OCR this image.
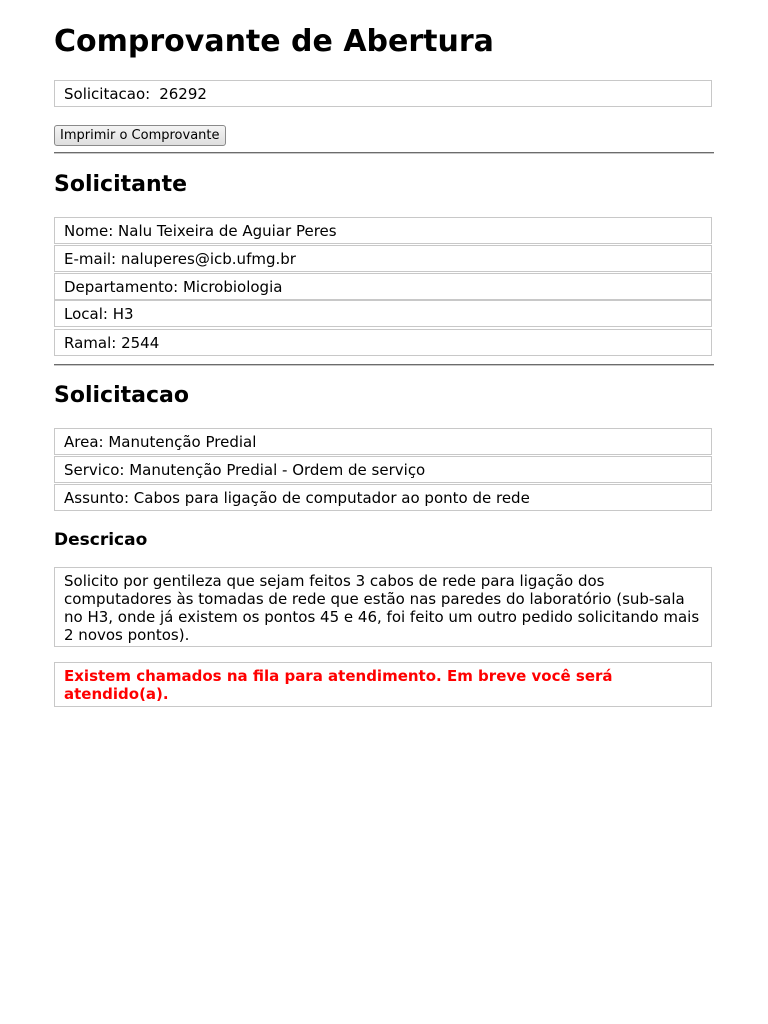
Comprovante de Abertura
Solicitacao: 26292
Imprimir o Comprovante
Solicitante
Nome: Nalu Teixeira de Aguiar Peres
E-mail: naluperes@icb.ufmg.br
Departamento: Microbiologia
Local: H3
Ramal: 2544
Solicitacao
Area: Manutenção Predial
Servico: Manutenção Predial - Ordem de serviço
Assunto: Cabos para ligação de computador ao ponto de rede
Descricao
Solicito por gentileza que sejam feitos 3 cabos de rede para ligação dos computadores às tomadas de rede que estão nas paredes do laboratório (sub-sala no H3, onde já existem os pontos 45 e 46, foi feito um outro pedido solicitando mais 2 novos pontos).
Existem chamados na fila para atendimento. Em breve você será atendido(a).
